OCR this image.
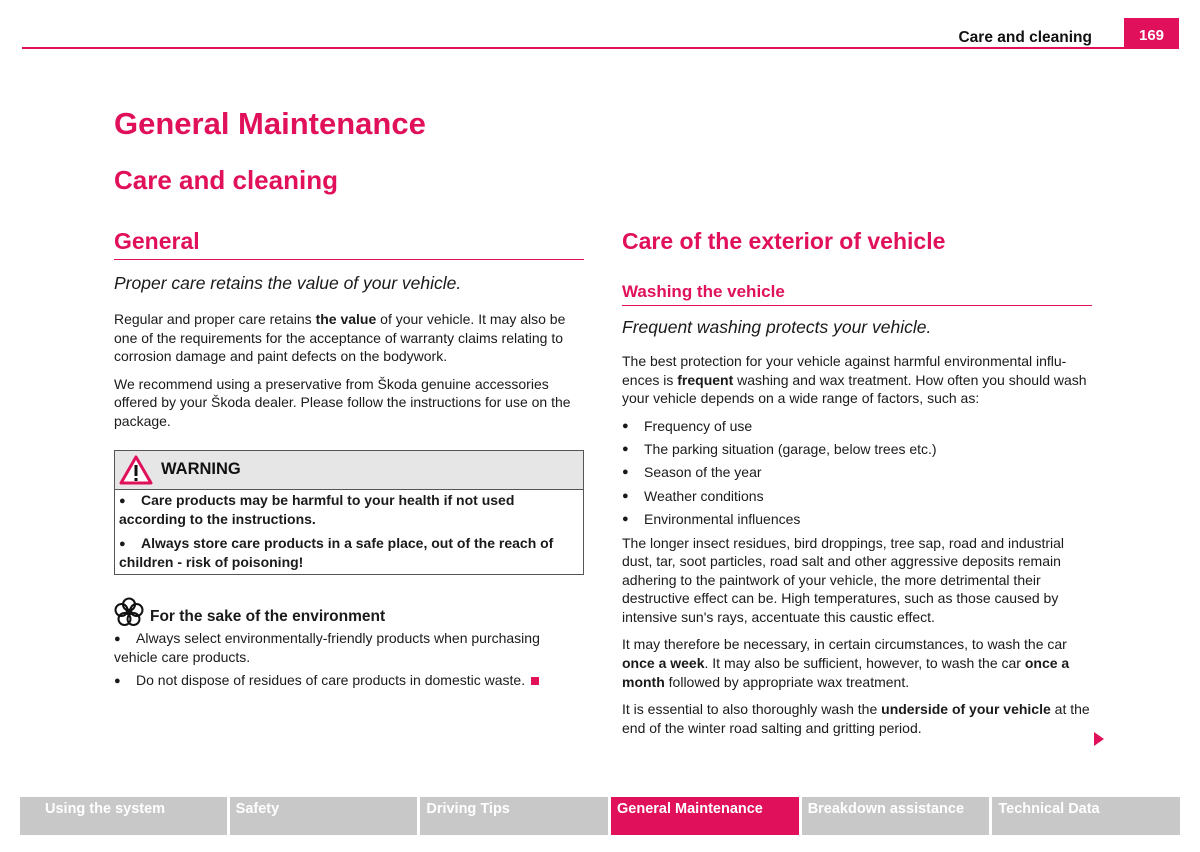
Care and cleaning	169
General Maintenance
Care and cleaning
General

Proper care retains the value of your vehicle.

Regular and proper care retains the value of your vehicle. It may also be one of the requirements for the acceptance of warranty claims relating to corrosion damage and paint defects on the bodywork.

We recommend using a preservative from Škoda genuine accessories offered by your Škoda dealer. Please follow the instructions for use on the package.

WARNING

● Care products may be harmful to your health if not used according to the instructions.

● Always store care products in a safe place, out of the reach of children - risk of poisoning!

For the sake of the environment

● Always select environmentally-friendly products when purchasing vehicle care products.

● Do not dispose of residues of care products in domestic waste.

Care of the exterior of vehicle
Washing the vehicle

Frequent washing protects your vehicle.

The best protection for your vehicle against harmful environmental influ-ences is frequent washing and wax treatment. How often you should wash your vehicle depends on a wide range of factors, such as:

●	Frequency of use
●	The parking situation (garage, below trees etc.)
●	Season of the year
●	Weather conditions
●	Environmental influences

The longer insect residues, bird droppings, tree sap, road and industrial dust, tar, soot particles, road salt and other aggressive deposits remain adhering to the paintwork of your vehicle, the more detrimental their destructive effect can be. High temperatures, such as those caused by intensive sun's rays, accentuate this caustic effect.

It may therefore be necessary, in certain circumstances, to wash the car once a week. It may also be sufficient, however, to wash the car once a month followed by appropriate wax treatment.

It is essential to also thoroughly wash the underside of your vehicle at the end of the winter road salting and gritting period.

Using the system	Safety	Driving Tips	General Maintenance	Breakdown assistance	Technical Data
